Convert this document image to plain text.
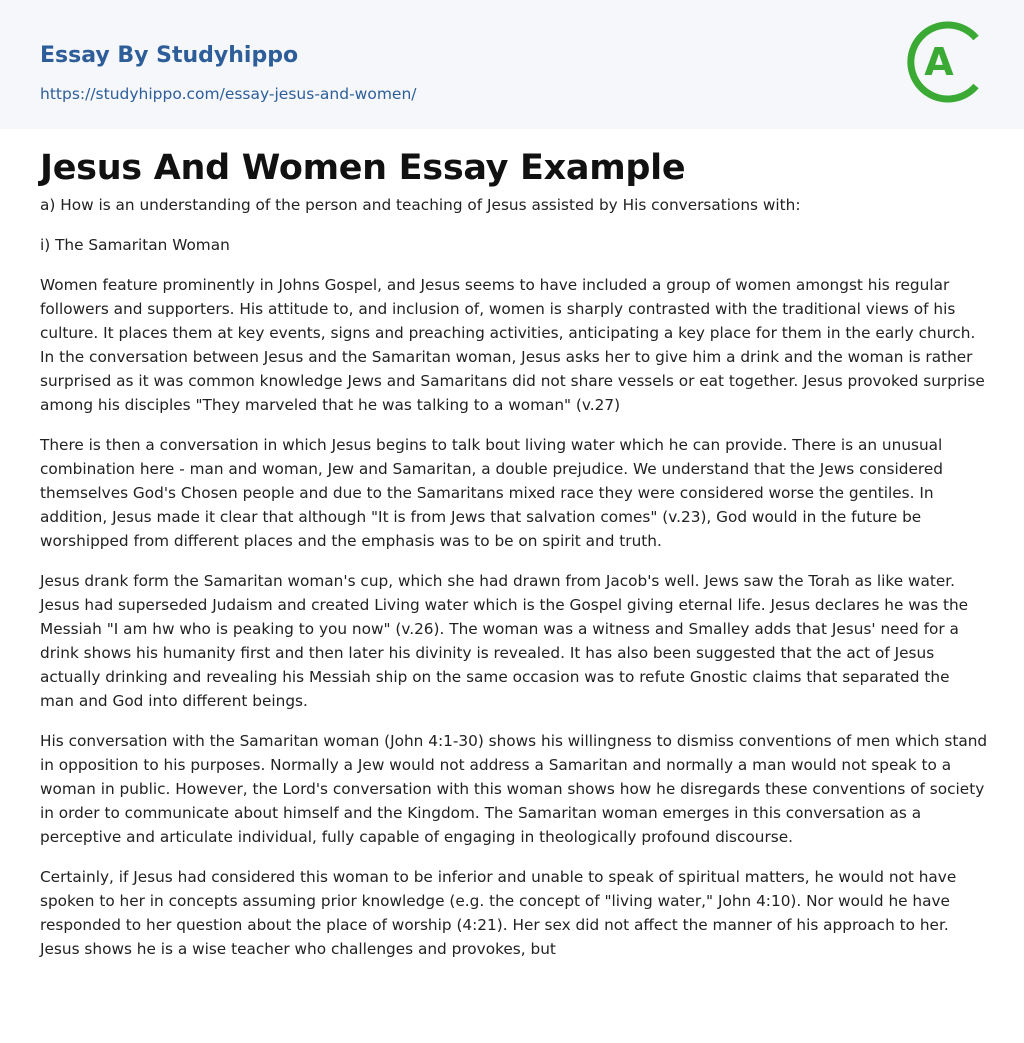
Essay By Studyhippo
https://studyhippo.com/essay-jesus-and-women/
A
Jesus And Women Essay Example

a) How is an understanding of the person and teaching of Jesus assisted by His conversations with:

i) The Samaritan Woman

Women feature prominently in Johns Gospel, and Jesus seems to have included a group of women amongst his regular followers and supporters. His attitude to, and inclusion of, women is sharply contrasted with the traditional views of his culture. It places them at key events, signs and preaching activities, anticipating a key place for them in the early church. In the conversation between Jesus and the Samaritan woman, Jesus asks her to give him a drink and the woman is rather surprised as it was common knowledge Jews and Samaritans did not share vessels or eat together. Jesus provoked surprise among his disciples "They marveled that he was talking to a woman" (v.27)

There is then a conversation in which Jesus begins to talk bout living water which he can provide. There is an unusual combination here - man and woman, Jew and Samaritan, a double prejudice. We understand that the Jews considered themselves God's Chosen people and due to the Samaritans mixed race they were considered worse the gentiles. In addition, Jesus made it clear that although "It is from Jews that salvation comes" (v.23), God would in the future be worshipped from different places and the emphasis was to be on spirit and truth.

Jesus drank form the Samaritan woman's cup, which she had drawn from Jacob's well. Jews saw the Torah as like water. Jesus had superseded Judaism and created Living water which is the Gospel giving eternal life. Jesus declares he was the Messiah "I am hw who is peaking to you now" (v.26). The woman was a witness and Smalley adds that Jesus' need for a drink shows his humanity first and then later his divinity is revealed. It has also been suggested that the act of Jesus actually drinking and revealing his Messiah ship on the same occasion was to refute Gnostic claims that separated the man and God into different beings.

His conversation with the Samaritan woman (John 4:1-30) shows his willingness to dismiss conventions of men which stand in opposition to his purposes. Normally a Jew would not address a Samaritan and normally a man would not speak to a woman in public. However, the Lord's conversation with this woman shows how he disregards these conventions of society in order to communicate about himself and the Kingdom. The Samaritan woman emerges in this conversation as a perceptive and articulate individual, fully capable of engaging in theologically profound discourse.

Certainly, if Jesus had considered this woman to be inferior and unable to speak of spiritual matters, he would not have spoken to her in concepts assuming prior knowledge (e.g. the concept of "living water," John 4:10). Nor would he have responded to her question about the place of worship (4:21). Her sex did not affect the manner of his approach to her. Jesus shows he is a wise teacher who challenges and provokes, but
